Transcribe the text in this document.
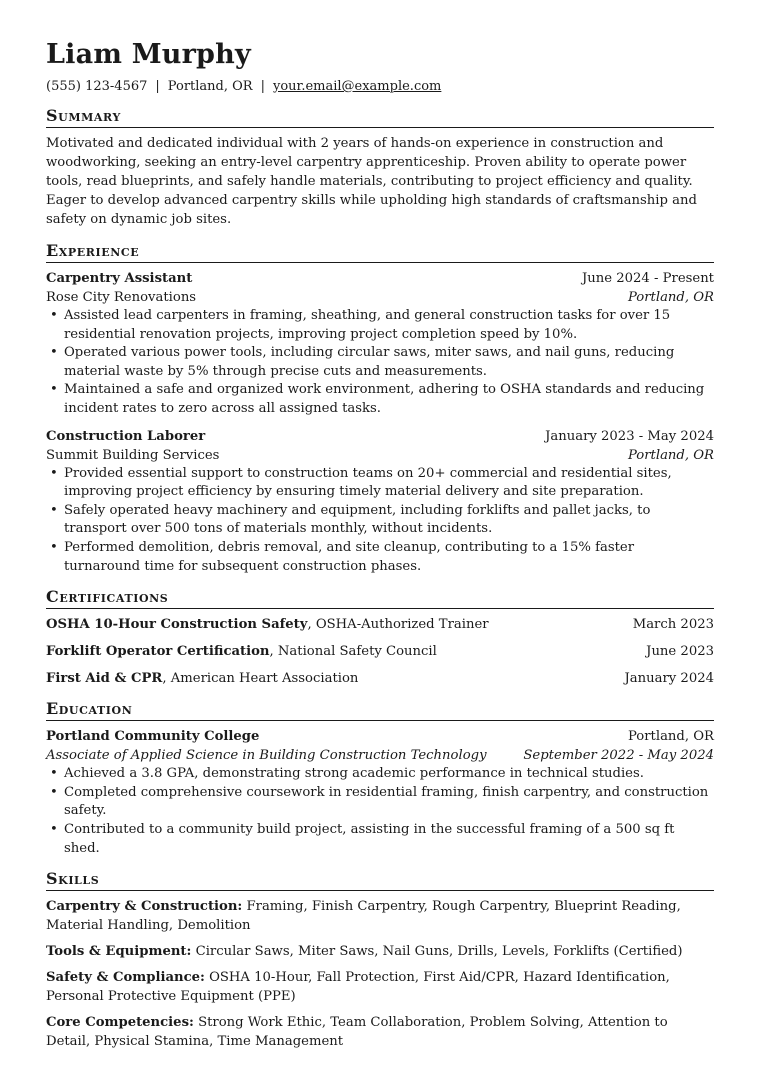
Liam Murphy
(555) 123-4567 | Portland, OR | your.email@example.com
Summary
Motivated and dedicated individual with 2 years of hands-on experience in construction and woodworking, seeking an entry-level carpentry apprenticeship. Proven ability to operate power tools, read blueprints, and safely handle materials, contributing to project efficiency and quality. Eager to develop advanced carpentry skills while upholding high standards of craftsmanship and safety on dynamic job sites.
Experience
Carpentry Assistant	June 2024 - Present
Rose City Renovations	Portland, OR
• Assisted lead carpenters in framing, sheathing, and general construction tasks for over 15 residential renovation projects, improving project completion speed by 10%.
• Operated various power tools, including circular saws, miter saws, and nail guns, reducing material waste by 5% through precise cuts and measurements.
• Maintained a safe and organized work environment, adhering to OSHA standards and reducing incident rates to zero across all assigned tasks.
Construction Laborer	January 2023 - May 2024
Summit Building Services	Portland, OR
• Provided essential support to construction teams on 20+ commercial and residential sites, improving project efficiency by ensuring timely material delivery and site preparation.
• Safely operated heavy machinery and equipment, including forklifts and pallet jacks, to transport over 500 tons of materials monthly, without incidents.
• Performed demolition, debris removal, and site cleanup, contributing to a 15% faster turnaround time for subsequent construction phases.
Certifications
OSHA 10-Hour Construction Safety, OSHA-Authorized Trainer	March 2023
Forklift Operator Certification, National Safety Council	June 2023
First Aid & CPR, American Heart Association	January 2024
Education
Portland Community College	Portland, OR
Associate of Applied Science in Building Construction Technology	September 2022 - May 2024
• Achieved a 3.8 GPA, demonstrating strong academic performance in technical studies.
• Completed comprehensive coursework in residential framing, finish carpentry, and construction safety.
• Contributed to a community build project, assisting in the successful framing of a 500 sq ft shed.
Skills
Carpentry & Construction: Framing, Finish Carpentry, Rough Carpentry, Blueprint Reading, Material Handling, Demolition
Tools & Equipment: Circular Saws, Miter Saws, Nail Guns, Drills, Levels, Forklifts (Certified)
Safety & Compliance: OSHA 10-Hour, Fall Protection, First Aid/CPR, Hazard Identification, Personal Protective Equipment (PPE)
Core Competencies: Strong Work Ethic, Team Collaboration, Problem Solving, Attention to Detail, Physical Stamina, Time Management
